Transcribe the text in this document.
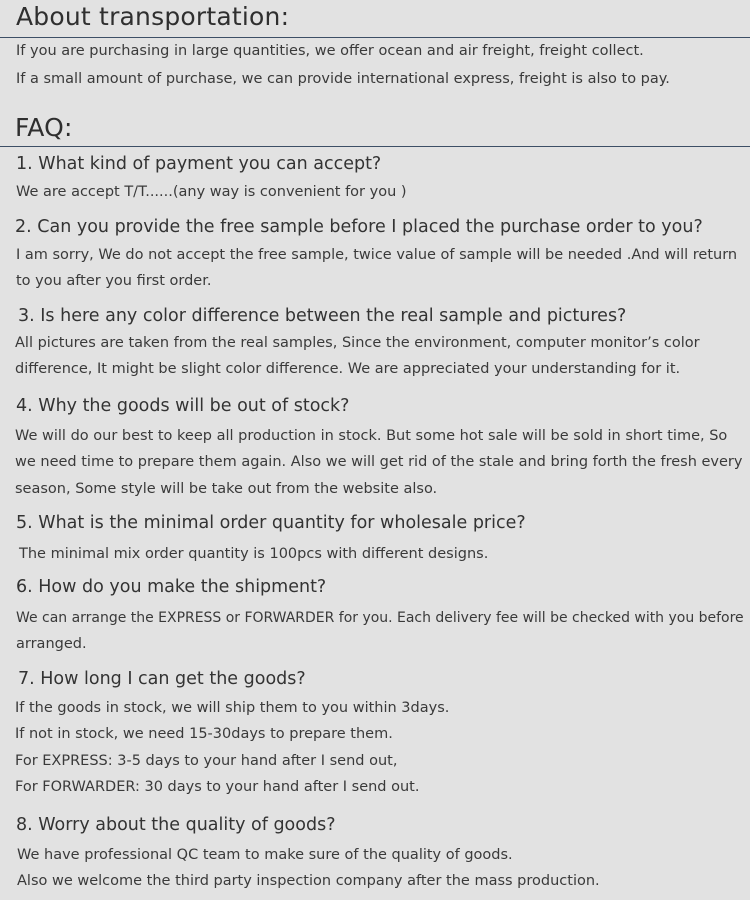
About transportation:
If you are purchasing in large quantities, we offer ocean and air freight, freight collect.
If a small amount of purchase, we can provide international express, freight is also to pay.
FAQ:
1. What kind of payment you can accept?
We are accept T/T......(any way is convenient for you )
2. Can you provide the free sample before I placed the purchase order to you?
I am sorry, We do not accept the free sample, twice value of sample will be needed .And will return
to you after you first order.
3. Is here any color difference between the real sample and pictures?
All pictures are taken from the real samples, Since the environment, computer monitor’s color
difference, It might be slight color difference. We are appreciated your understanding for it.
4. Why the goods will be out of stock?
We will do our best to keep all production in stock. But some hot sale will be sold in short time, So
we need time to prepare them again. Also we will get rid of the stale and bring forth the fresh every
season, Some style will be take out from the website also.
5. What is the minimal order quantity for wholesale price?
The minimal mix order quantity is 100pcs with different designs.
6. How do you make the shipment?
We can arrange the EXPRESS or FORWARDER for you. Each delivery fee will be checked with you before
arranged.
7. How long I can get the goods?
If the goods in stock, we will ship them to you within 3days.
If not in stock, we need 15-30days to prepare them.
For EXPRESS: 3-5 days to your hand after I send out,
For FORWARDER: 30 days to your hand after I send out.
8. Worry about the quality of goods?
We have professional QC team to make sure of the quality of goods.
Also we welcome the third party inspection company after the mass production.
